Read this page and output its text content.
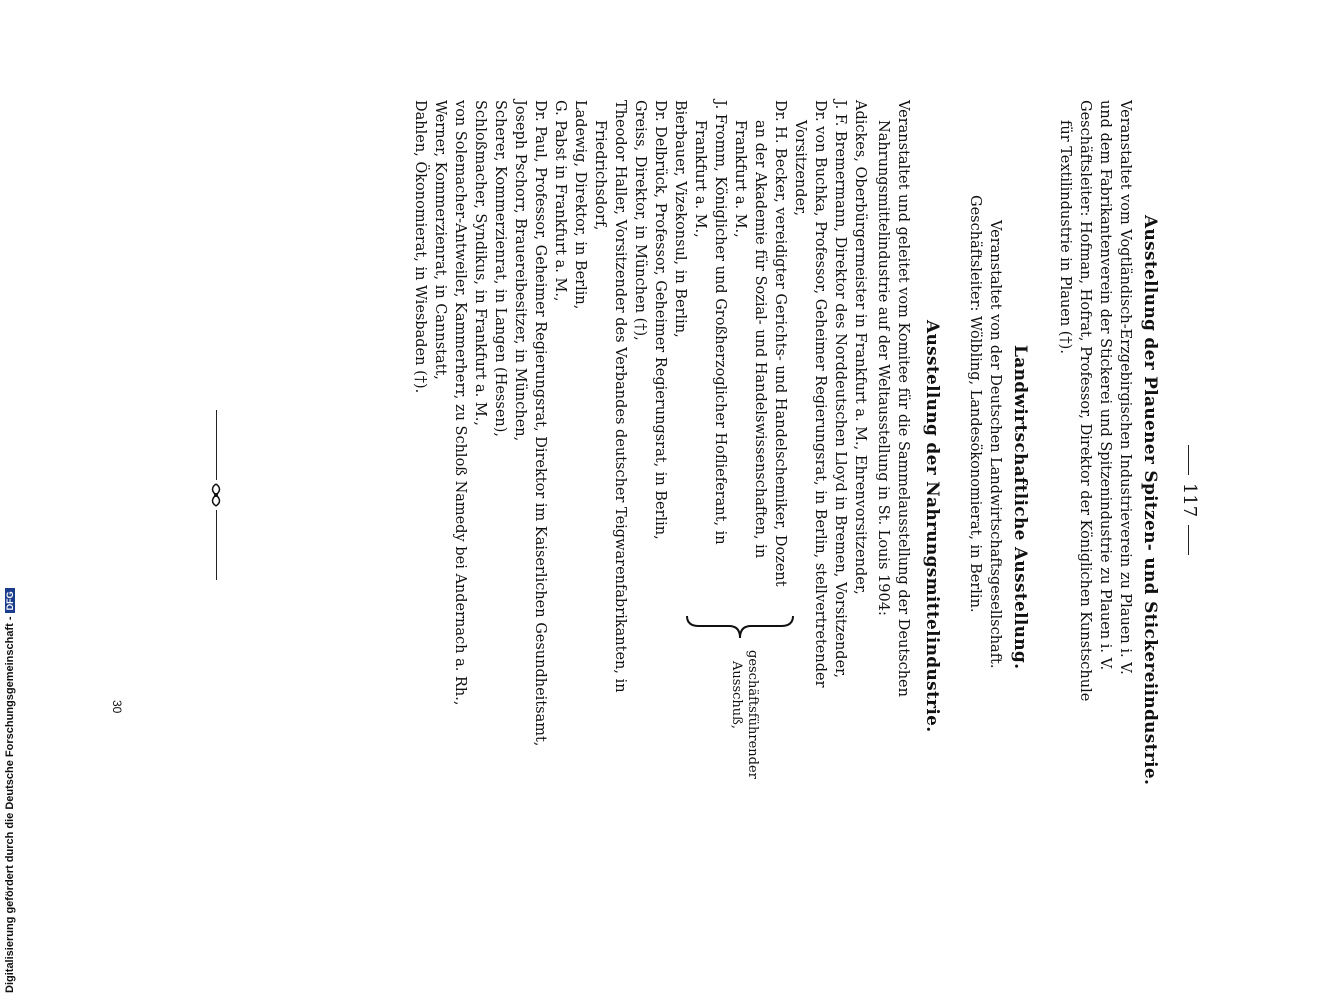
117
Ausstellung der Plauener Spitzen- und Stickereiindustrie.
Veranstaltet vom Vogtländisch-Erzgebirgischen Industrieverein zu Plauen i. V.
und dem Fabrikantenverein der Stickerei und Spitzenindustrie zu Plauen i. V.
Geschäftsleiter: Hofman, Hofrat, Professor, Direktor der Königlichen Kunstschule
für Textilindustrie in Plauen (†).
Landwirtschaftliche Ausstellung.
Veranstaltet von der Deutschen Landwirtschaftsgesellschaft.
Geschäftsleiter: Wölbling, Landesökonomierat, in Berlin.
Ausstellung der Nahrungsmittelindustrie.
Veranstaltet und geleitet vom Komitee für die Sammelausstellung der Deutschen
Nahrungsmittelindustrie auf der Weltausstellung in St. Louis 1904:
Adickes, Oberbürgermeister in Frankfurt a. M., Ehrenvorsitzender,
J. F. Bremermann, Direktor des Norddeutschen Lloyd in Bremen, Vorsitzender,
Dr. von Buchka, Professor, Geheimer Regierungsrat, in Berlin, stellvertretender
Vorsitzender,
Dr. H. Becker, vereidigter Gerichts- und Handelschemiker, Dozent
an der Akademie für Sozial- und Handelswissenschaften, in
Frankfurt a. M.,
J. Fromm, Königlicher und Großherzoglicher Hoflieferant, in
Frankfurt a. M.,
geschäftsführender Ausschuß,
Bierbauer, Vizekonsul, in Berlin,
Dr. Delbrück, Professor, Geheimer Regierungsrat, in Berlin,
Greiss, Direktor, in München (†),
Theodor Haller, Vorsitzender des Verbandes deutscher Teigwarenfabrikanten, in
Friedrichsdorf,
Ladewig, Direktor, in Berlin,
G. Pabst in Frankfurt a. M.,
Dr. Paul, Professor, Geheimer Regierungsrat, Direktor im Kaiserlichen Gesundheitsamt,
Joseph Pschorr, Brauereibesitzer, in München,
Scherer, Kommerzienrat, in Langen (Hessen),
Schloßmacher, Syndikus, in Frankfurt a. M.,
von Solemacher-Antweiler, Kammerherr, zu Schloß Namedy bei Andernach a. Rh.,
Werner, Kommerzienrat, in Cannstatt,
Dahlen, Ökonomierat, in Wiesbaden (†).
30
Digitalisierung gefördert durch die Deutsche Forschungsgemeinschaft - DFG
